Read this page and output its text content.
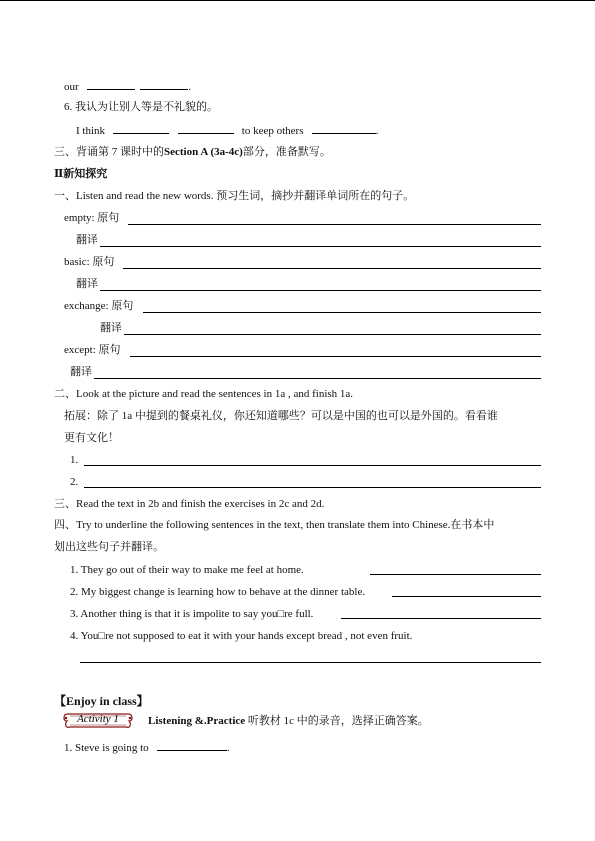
our	.
6. 我认为让别人等是不礼貌的。
I think	to keep others	.
三、背诵第 7 课时中的Section A (3a-4c)部分，准备默写。
Ⅱ新知探究
一、Listen and read the new words. 预习生词，摘抄并翻译单词所在的句子。
empty: 原句
翻译
basic: 原句
翻译
exchange: 原句
翻译
except: 原句
翻译
二、Look at the picture and read the sentences in 1a , and finish 1a.
拓展：除了 1a 中提到的餐桌礼仪，你还知道哪些？可以是中国的也可以是外国的。看看谁
更有文化！
1.
2.
三、Read the text in 2b and finish the exercises in 2c and 2d.
四、Try to underline the following sentences in the text, then translate them into Chinese.在书本中
划出这些句子并翻译。
1. They go out of their way to make me feel at home.
2. My biggest change is learning how to behave at the dinner table.
3. Another thing is that it is impolite to say you□re full.
4. You□re not supposed to eat it with your hands except bread , not even fruit.
【Enjoy in class】
Activity 1	Listening &.Practice 听教材 1c 中的录音，选择正确答案。
1. Steve is going to	.
